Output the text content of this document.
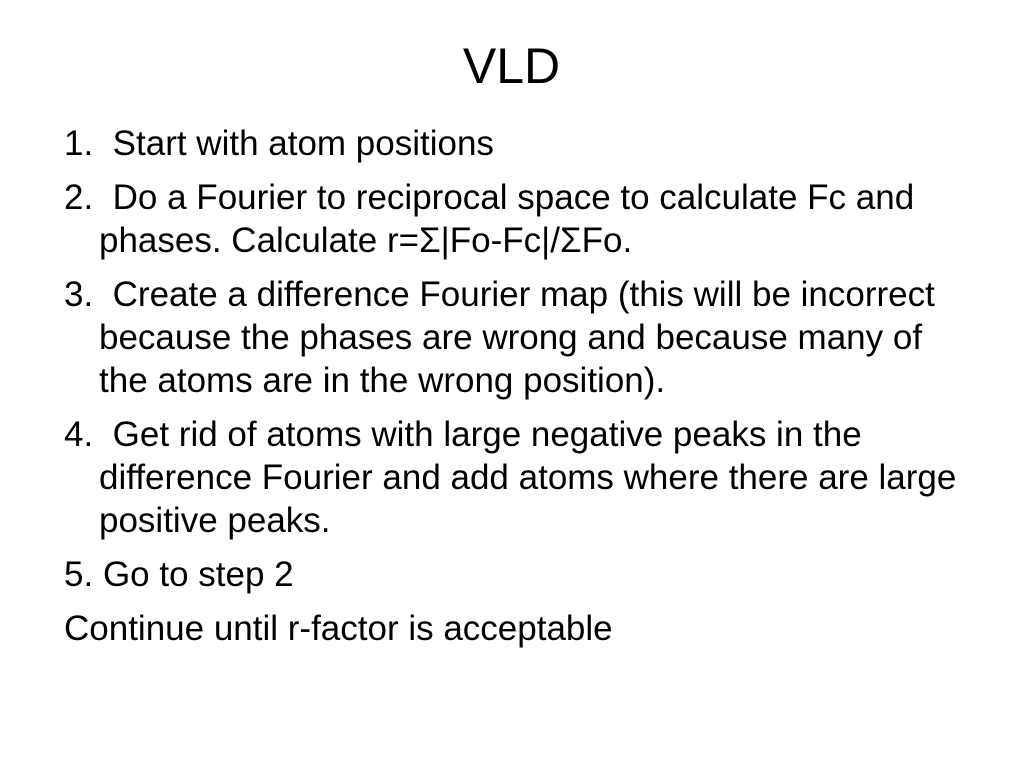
VLD
1. Start with atom positions
2. Do a Fourier to reciprocal space to calculate Fc and phases. Calculate r=Σ|Fo-Fc|/ΣFo.
3. Create a difference Fourier map (this will be incorrect because the phases are wrong and because many of the atoms are in the wrong position).
4. Get rid of atoms with large negative peaks in the difference Fourier and add atoms where there are large positive peaks.
5. Go to step 2
Continue until r-factor is acceptable
